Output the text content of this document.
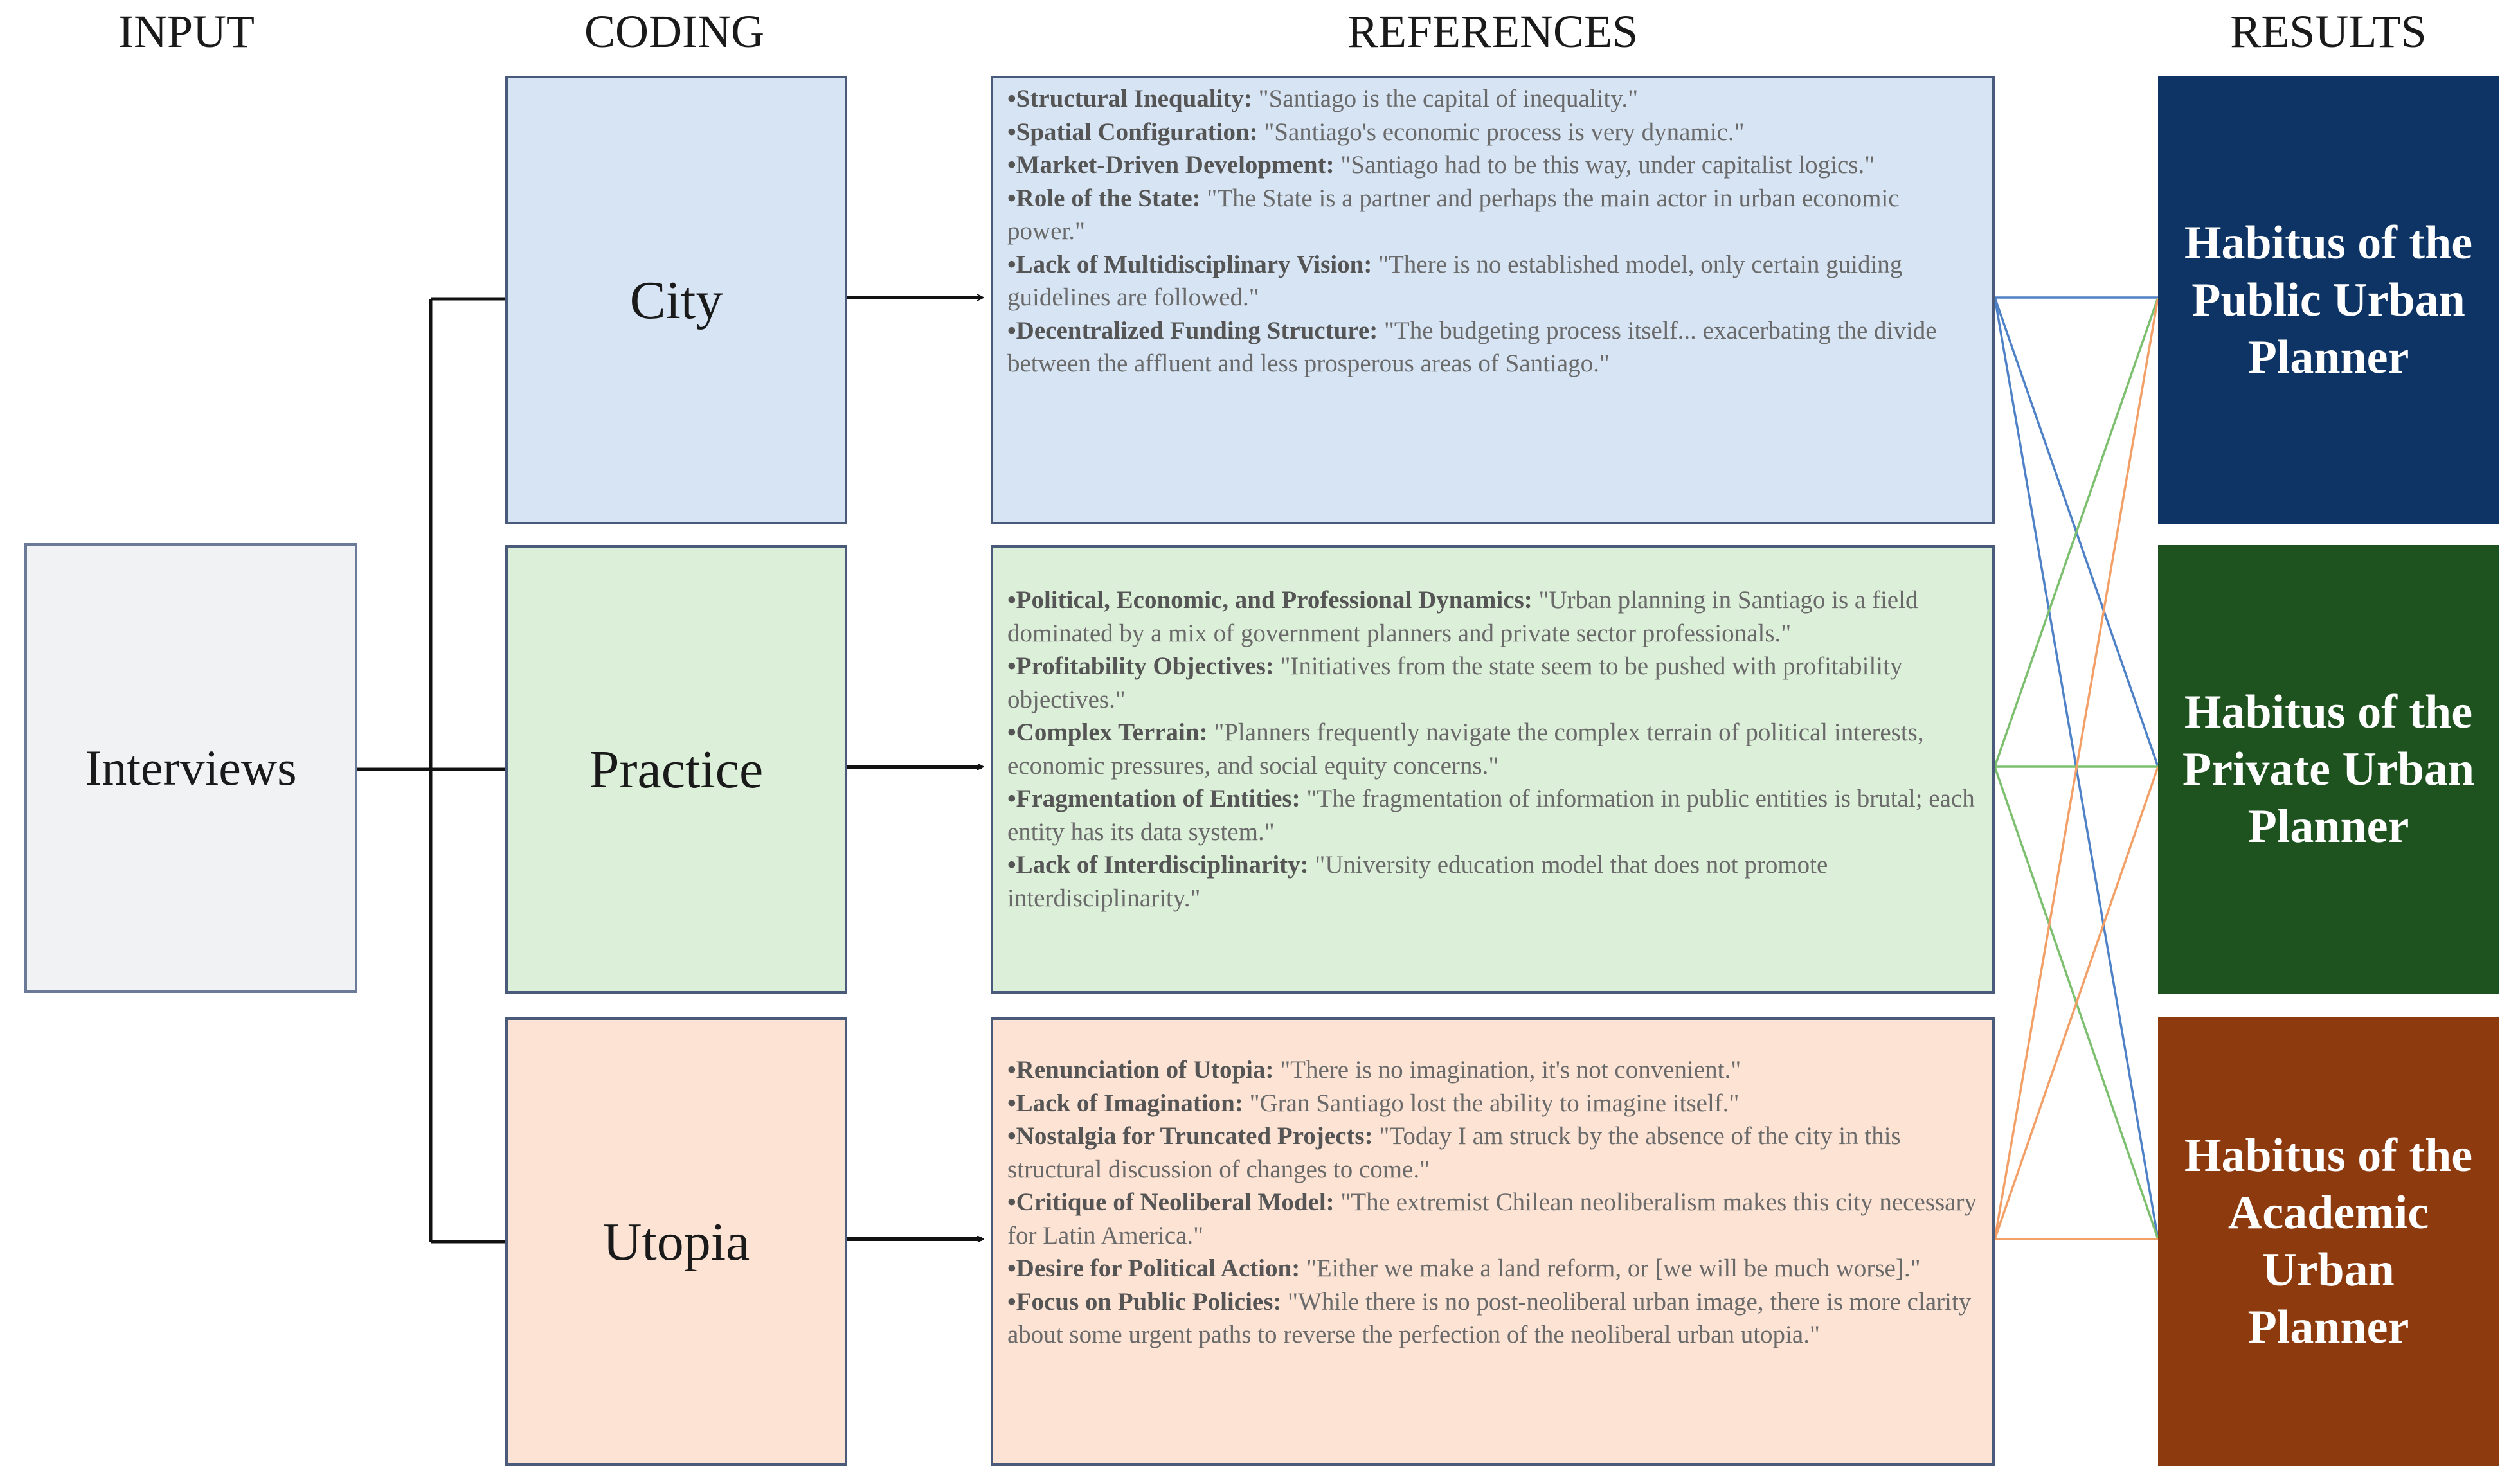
INPUT	CODING	REFERENCES	RESULTS
Interviews
City
Practice
Utopia

•Structural Inequality: "Santiago is the capital of inequality."

•Spatial Configuration: "Santiago's economic process is very dynamic."

•Market-Driven Development: "Santiago had to be this way, under capitalist logics."

•Role of the State: "The State is a partner and perhaps the main actor in urban economic power."

•Lack of Multidisciplinary Vision: "There is no established model, only certain guiding guidelines are followed."

•Decentralized Funding Structure: "The budgeting process itself... exacerbating the divide between the affluent and less prosperous areas of Santiago."

•Political, Economic, and Professional Dynamics: "Urban planning in Santiago is a field dominated by a mix of government planners and private sector professionals."

•Profitability Objectives: "Initiatives from the state seem to be pushed with profitability objectives."

•Complex Terrain: "Planners frequently navigate the complex terrain of political interests, economic pressures, and social equity concerns."

•Fragmentation of Entities: "The fragmentation of information in public entities is brutal; each entity has its data system."

•Lack of Interdisciplinarity: "University education model that does not promote interdisciplinarity."

•Renunciation of Utopia: "There is no imagination, it's not convenient."

•Lack of Imagination: "Gran Santiago lost the ability to imagine itself."

•Nostalgia for Truncated Projects: "Today I am struck by the absence of the city in this structural discussion of changes to come."

•Critique of Neoliberal Model: "The extremist Chilean neoliberalism makes this city necessary for Latin America."

•Desire for Political Action: "Either we make a land reform, or [we will be much worse]."

•Focus on Public Policies: "While there is no post-neoliberal urban image, there is more clarity about some urgent paths to reverse the perfection of the neoliberal urban utopia."

Habitus of the
Public Urban
Planner
Habitus of the
Private Urban
Planner
Habitus of the
Academic
Urban
Planner
